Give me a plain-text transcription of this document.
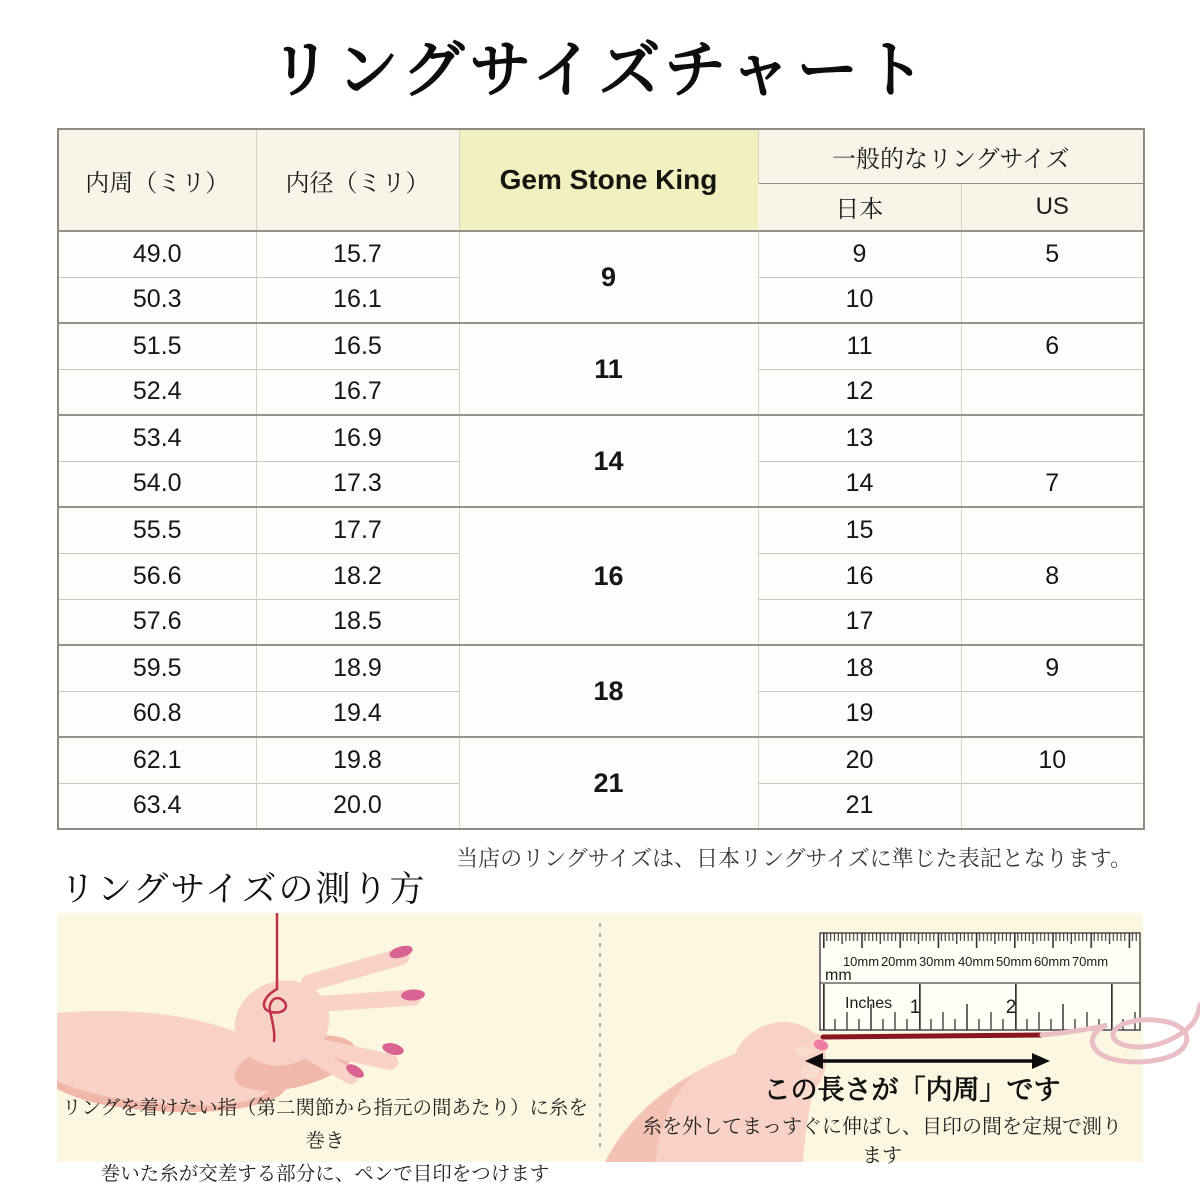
リングサイズチャート
内周（ミリ）	内径（ミリ）	Gem Stone King	一般的なリングサイズ	
			日本	US
49.0	15.7	9	9	5
50.3	16.1		10	
51.5	16.5	11	11	6
52.4	16.7		12	
53.4	16.9	14	13	
54.0	17.3		14	7
55.5	17.7	16	15	
56.6	18.2		16	8
57.6	18.5		17	
59.5	18.9	18	18	9
60.8	19.4		19	
62.1	19.8	21	20	10
63.4	20.0		21	
当店のリングサイズは、日本リングサイズに準じた表記となります。
リングサイズの測り方
10mm 20mm 30mm 40mm 50mm 60mm 70mm
mm
1	2
リングを着けたい指（第二関節から指元の間あたり）に糸を巻き
巻いた糸が交差する部分に、ペンで目印をつけます
この長さが「内周」です
糸を外してまっすぐに伸ばし、目印の間を定規で測ります
